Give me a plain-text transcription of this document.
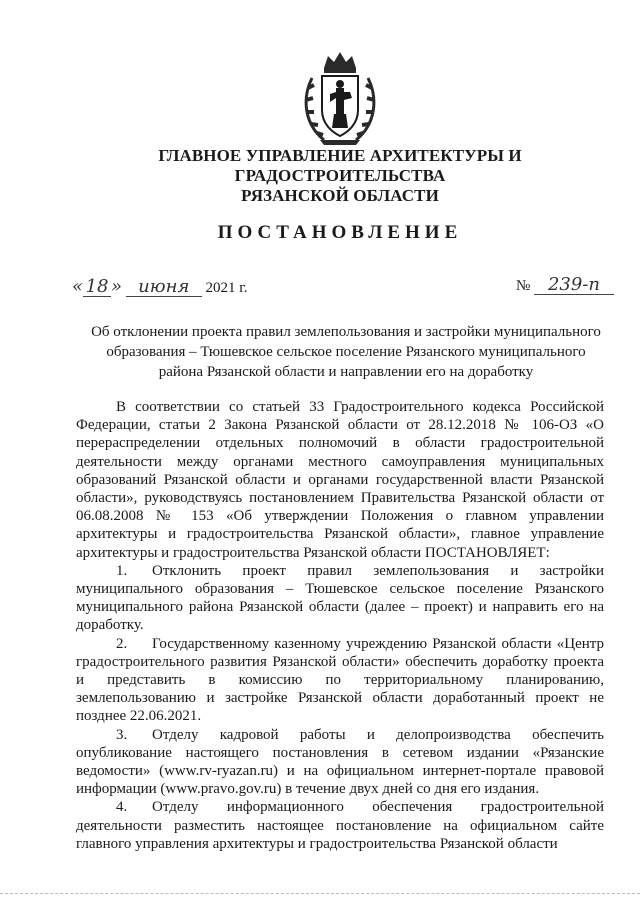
ГЛАВНОЕ УПРАВЛЕНИЕ АРХИТЕКТУРЫ И ГРАДОСТРОИТЕЛЬСТВА
РЯЗАНСКОЙ ОБЛАСТИ
ПОСТАНОВЛЕНИЕ
« 18 » июня 2021 г.	№ 239-п
Об отклонении проекта правил землепользования и застройки муниципального
образования – Тюшевское сельское поселение Рязанского муниципального
района Рязанской области и направлении его на доработку

В соответствии со статьей 33 Градостроительного кодекса Российской Федерации, статьи 2 Закона Рязанской области от 28.12.2018 № 106-ОЗ «О перераспределении отдельных полномочий в области градостроительной деятельности между органами местного самоуправления муниципальных образований Рязанской области и органами государственной власти Рязанской области», руководствуясь постановлением Правительства Рязанской области от 06.08.2008 № 153 «Об утверждении Положения о главном управлении архитектуры и градостроительства Рязанской области», главное управление архитектуры и градостроительства Рязанской области ПОСТАНОВЛЯЕТ:

1. Отклонить проект правил землепользования и застройки муниципального образования – Тюшевское сельское поселение Рязанского муниципального района Рязанской области (далее – проект) и направить его на доработку.

2. Государственному казенному учреждению Рязанской области «Центр градостроительного развития Рязанской области» обеспечить доработку проекта и представить в комиссию по территориальному планированию, землепользованию и застройке Рязанской области доработанный проект не позднее 22.06.2021.

3. Отделу кадровой работы и делопроизводства обеспечить опубликование настоящего постановления в сетевом издании «Рязанские ведомости» (www.rv-ryazan.ru) и на официальном интернет-портале правовой информации (www.pravo.gov.ru) в течение двух дней со дня его издания.

4. Отделу информационного обеспечения градостроительной деятельности разместить настоящее постановление на официальном сайте главного управления архитектуры и градостроительства Рязанской области
